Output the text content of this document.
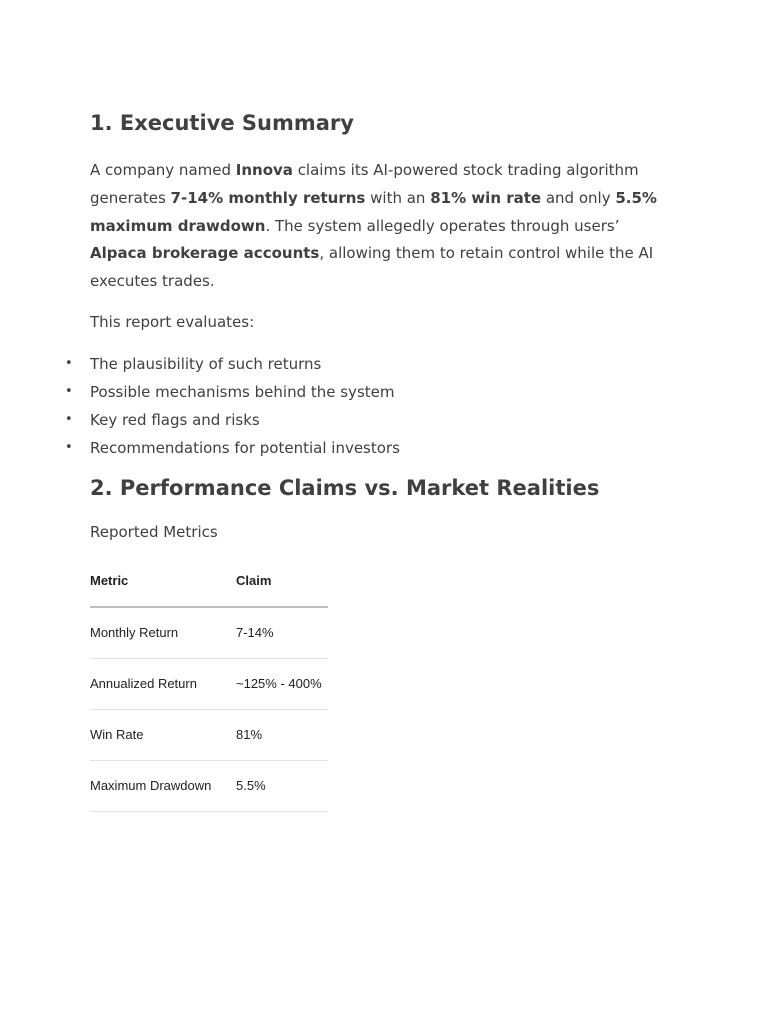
1. Executive Summary

A company named Innova claims its AI-powered stock trading algorithm generates 7-14% monthly returns with an 81% win rate and only 5.5% maximum drawdown. The system allegedly operates through users’ Alpaca brokerage accounts, allowing them to retain control while the AI executes trades.

This report evaluates:

• The plausibility of such returns
• Possible mechanisms behind the system
• Key red flags and risks
• Recommendations for potential investors
2. Performance Claims vs. Market Realities
Reported Metrics
Metric	Claim
Monthly Return	7-14%
Annualized Return	~125% - 400%
Win Rate	81%
Maximum Drawdown	5.5%
